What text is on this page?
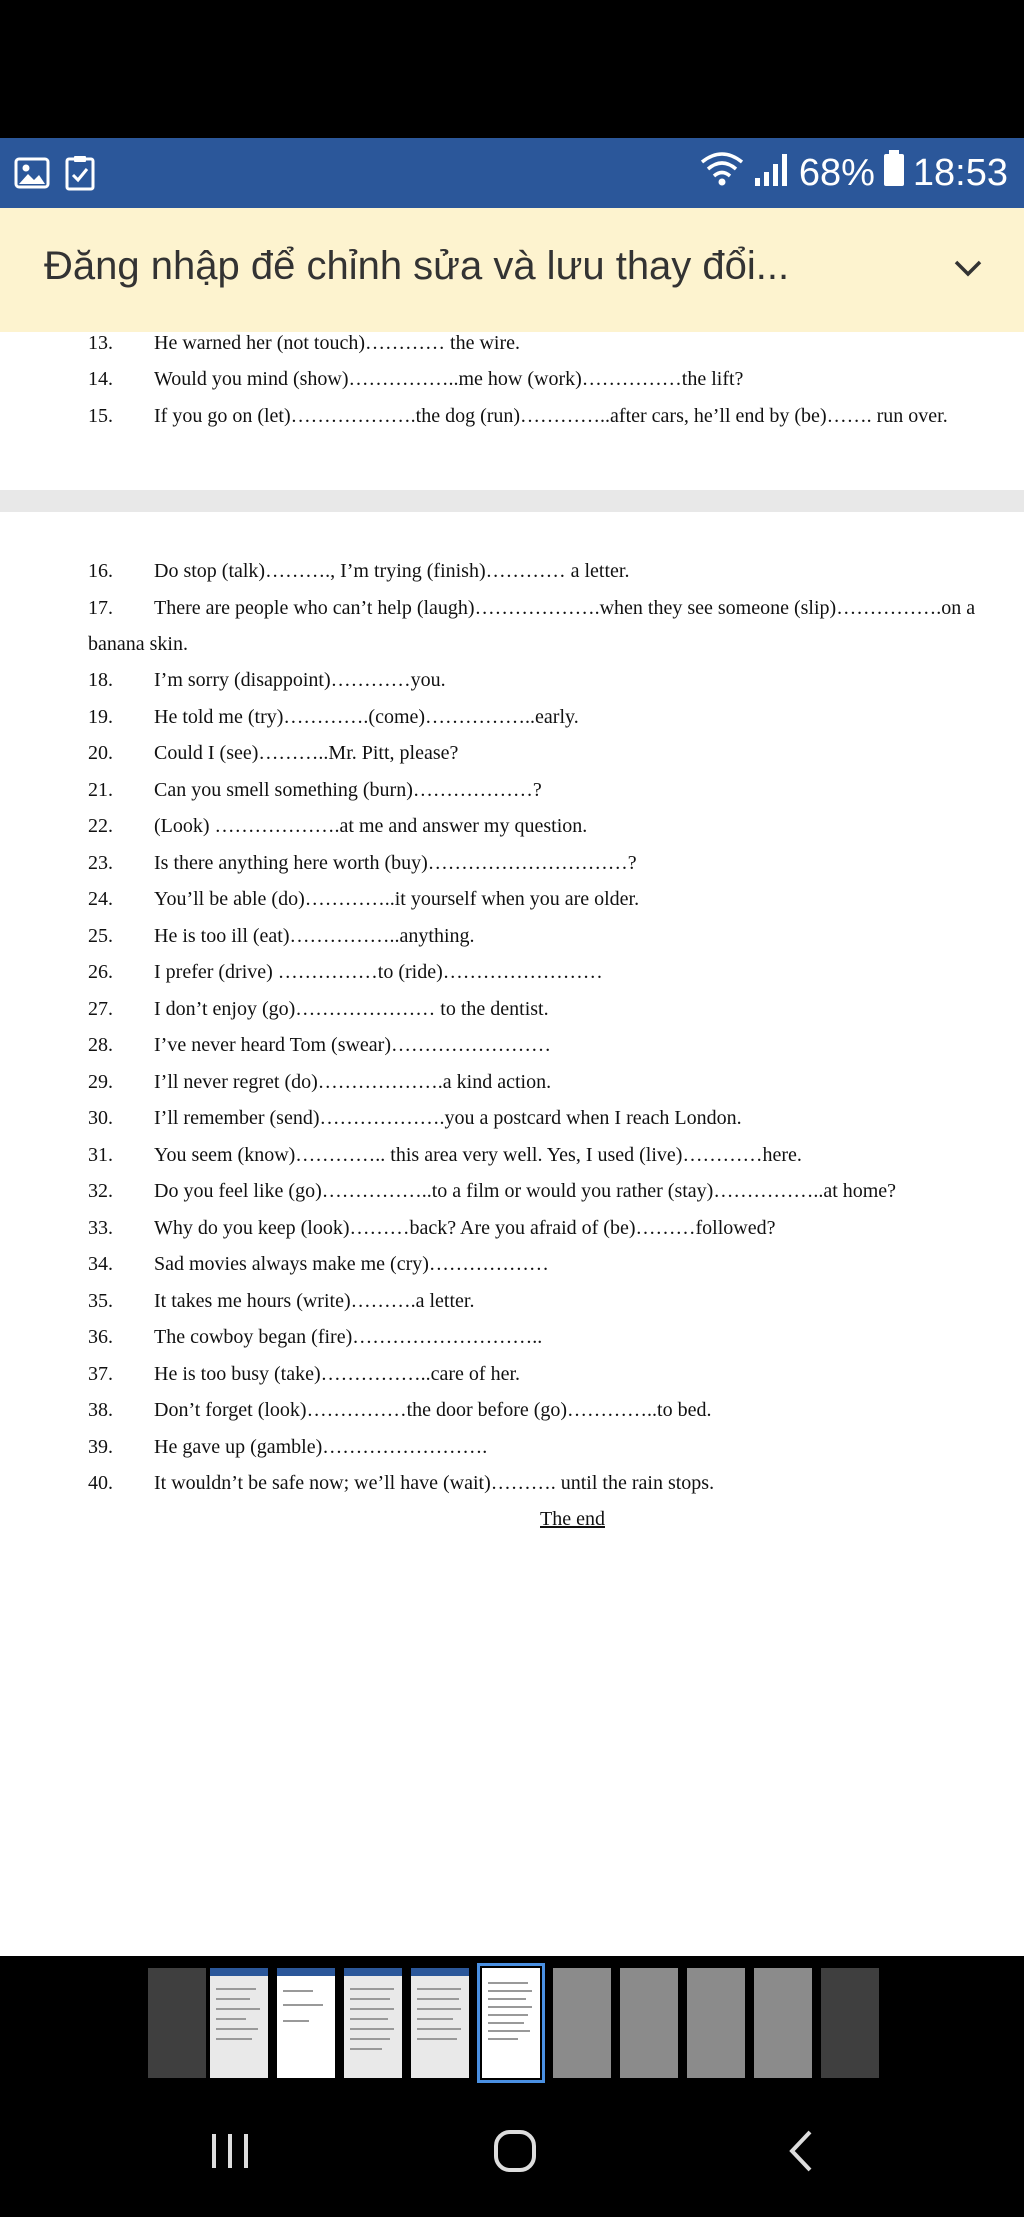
68% 18:53
Đăng nhập để chỉnh sửa và lưu thay đổi...
13. He warned her (not touch)………… the wire.
14. Would you mind (show)……………..me how (work)……………the lift?
15. If you go on (let)……………….the dog (run)…………..after cars, he’ll end by (be)……. run over.
16. Do stop (talk)………., I’m trying (finish)………… a letter.
17. There are people who can’t help (laugh)……………….when they see someone (slip)…………….on a
banana skin.
18. I’m sorry (disappoint)…………you.
19. He told me (try)………….(come)……………..early.
20. Could I (see)………..Mr. Pitt, please?
21. Can you smell something (burn)………………?
22. (Look) ……………….at me and answer my question.
23. Is there anything here worth (buy)…………………………?
24. You’ll be able (do)…………..it yourself when you are older.
25. He is too ill (eat)……………..anything.
26. I prefer (drive) ……………to (ride)……………………
27. I don’t enjoy (go)………………… to the dentist.
28. I’ve never heard Tom (swear)……………………
29. I’ll never regret (do)……………….a kind action.
30. I’ll remember (send)……………….you a postcard when I reach London.
31. You seem (know)………….. this area very well. Yes, I used (live)…………here.
32. Do you feel like (go)……………..to a film or would you rather (stay)……………..at home?
33. Why do you keep (look)………back? Are you afraid of (be)………followed?
34. Sad movies always make me (cry)………………
35. It takes me hours (write)……….a letter.
36. The cowboy began (fire)………………………..
37. He is too busy (take)……………..care of her.
38. Don’t forget (look)……………the door before (go)…………..to bed.
39. He gave up (gamble)…………………….
40. It wouldn’t be safe now; we’ll have (wait)………. until the rain stops.
The end
